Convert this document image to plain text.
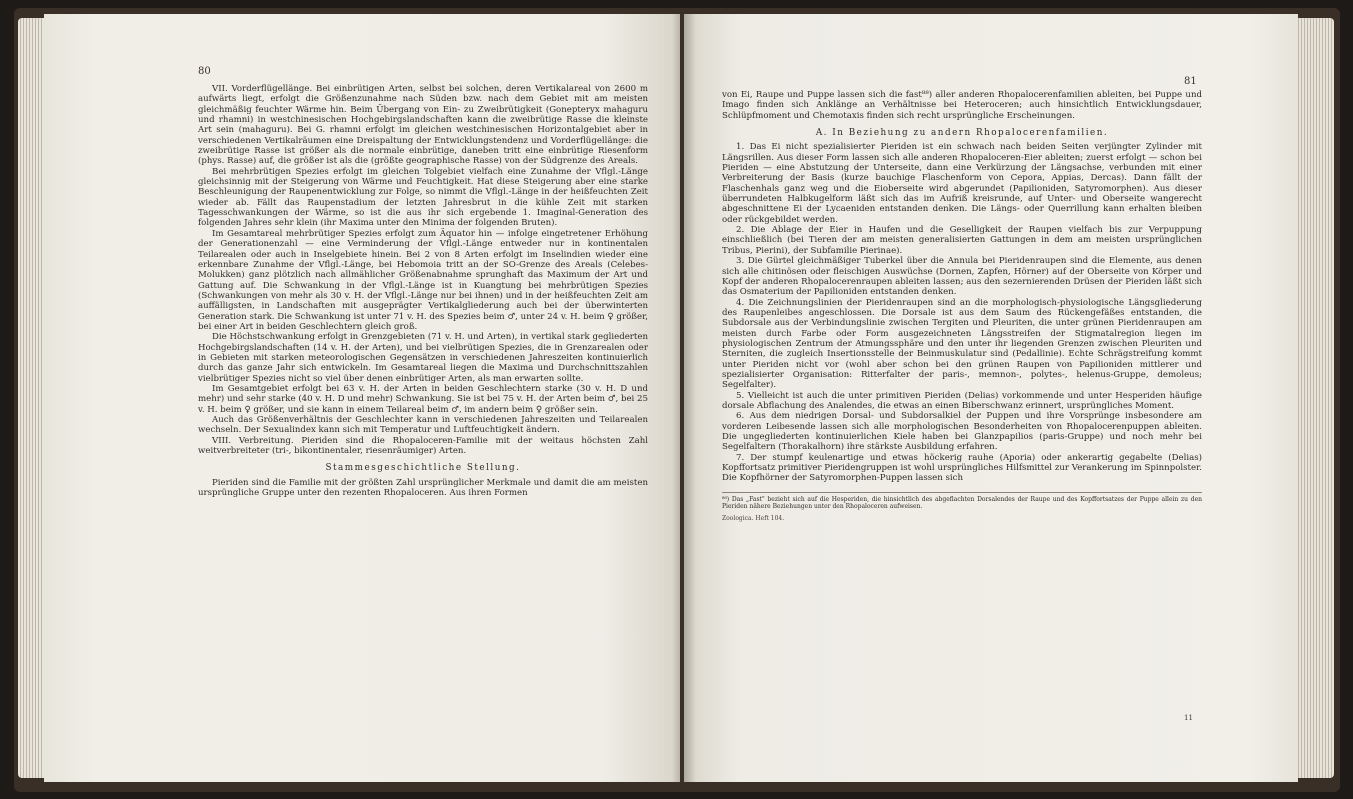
80

VII. Vorderflügellänge. Bei einbrütigen Arten, selbst bei solchen, deren Vertikalareal von 2600 m aufwärts liegt, erfolgt die Größenzunahme nach Süden bzw. nach dem Gebiet mit am meisten gleichmäßig feuchter Wärme hin. Beim Übergang von Ein- zu Zweibrütigkeit (Gonepteryx mahaguru und rhamni) in westchinesischen Hochgebirgslandschaften kann die zweibrütige Rasse die kleinste Art sein (mahaguru). Bei G. rhamni erfolgt im gleichen westchinesischen Horizontalgebiet aber in verschiedenen Vertikalräumen eine Dreispaltung der Entwicklungstendenz und Vorderflügellänge: die zweibrütige Rasse ist größer als die normale einbrütige, daneben tritt eine einbrütige Riesenform (phys. Rasse) auf, die größer ist als die (größte geographische Rasse) von der Südgrenze des Areals.

Bei mehrbrütigen Spezies erfolgt im gleichen Tolgebiet vielfach eine Zunahme der Vflgl.-Länge gleichsinnig mit der Steigerung von Wärme und Feuchtigkeit. Hat diese Steigerung aber eine starke Beschleunigung der Raupenentwicklung zur Folge, so nimmt die Vflgl.-Länge in der heißfeuchten Zeit wieder ab. Fällt das Raupenstadium der letzten Jahresbrut in die kühle Zeit mit starken Tagesschwankungen der Wärme, so ist die aus ihr sich ergebende 1. Imaginal-Generation des folgenden Jahres sehr klein (ihr Maxima unter den Minima der folgenden Bruten).

Im Gesamtareal mehrbrütiger Spezies erfolgt zum Äquator hin — infolge eingetretener Erhöhung der Generationenzahl — eine Verminderung der Vflgl.-Länge entweder nur in kontinentalen Teilarealen oder auch in Inselgebiete hinein. Bei 2 von 8 Arten erfolgt im Inselindien wieder eine erkennbare Zunahme der Vflgl.-Länge, bei Hebomoia tritt an der SO-Grenze des Areals (Celebes-Molukken) ganz plötzlich nach allmählicher Größenabnahme sprunghaft das Maximum der Art und Gattung auf. Die Schwankung in der Vflgl.-Länge ist in Kuangtung bei mehrbrütigen Spezies (Schwankungen von mehr als 30 v. H. der Vflgl.-Länge nur bei ihnen) und in der heißfeuchten Zeit am auffälligsten, in Landschaften mit ausgeprägter Vertikalgliederung auch bei der überwinterten Generation stark. Die Schwankung ist unter 71 v. H. des Spezies beim ♂, unter 24 v. H. beim ♀ größer, bei einer Art in beiden Geschlechtern gleich groß.

Die Höchstschwankung erfolgt in Grenzgebieten (71 v. H. und Arten), in vertikal stark gegliederten Hochgebirgslandschaften (14 v. H. der Arten), und bei vielbrütigen Spezies, die in Grenzarealen oder in Gebieten mit starken meteorologischen Gegensätzen in verschiedenen Jahreszeiten kontinuierlich durch das ganze Jahr sich entwickeln. Im Gesamtareal liegen die Maxima und Durchschnittszahlen vielbrütiger Spezies nicht so viel über denen einbrütiger Arten, als man erwarten sollte.

Im Gesamtgebiet erfolgt bei 63 v. H. der Arten in beiden Geschlechtern starke (30 v. H. D und mehr) und sehr starke (40 v. H. D und mehr) Schwankung. Sie ist bei 75 v. H. der Arten beim ♂, bei 25 v. H. beim ♀ größer, und sie kann in einem Teilareal beim ♂, im andern beim ♀ größer sein.

Auch das Größenverhältnis der Geschlechter kann in verschiedenen Jahreszeiten und Teilarealen wechseln. Der Sexualindex kann sich mit Temperatur und Luftfeuchtigkeit ändern.

VIII. Verbreitung. Pieriden sind die Rhopaloceren-Familie mit der weitaus höchsten Zahl weitverbreiteter (tri-, bikontinentaler, riesenräumiger) Arten.

Stammesgeschichtliche Stellung.

Pieriden sind die Familie mit der größten Zahl ursprünglicher Merkmale und damit die am meisten ursprüngliche Gruppe unter den rezenten Rhopaloceren. Aus ihren Formen

81

von Ei, Raupe und Puppe lassen sich die fast⁸⁸) aller anderen Rhopalocerenfamilien ableiten, bei Puppe und Imago finden sich Anklänge an Verhältnisse bei Heteroceren; auch hinsichtlich Entwicklungsdauer, Schlüpfmoment und Chemotaxis finden sich recht ursprüngliche Erscheinungen.

A. In Beziehung zu andern Rhopalocerenfamilien.

1. Das Ei nicht spezialisierter Pieriden ist ein schwach nach beiden Seiten verjüngter Zylinder mit Längsrillen. Aus dieser Form lassen sich alle anderen Rhopaloceren-Eier ableiten; zuerst erfolgt — schon bei Pieriden — eine Abstutzung der Unterseite, dann eine Verkürzung der Längsachse, verbunden mit einer Verbreiterung der Basis (kurze bauchige Flaschenform von Cepora, Appias, Dercas). Dann fällt der Flaschenhals ganz weg und die Eioberseite wird abgerundet (Papilioniden, Satyromorphen). Aus dieser überrundeten Halbkugelform läßt sich das im Aufriß kreisrunde, auf Unter- und Oberseite wangerecht abgeschnittene Ei der Lycaeniden entstanden denken. Die Längs- oder Querrillung kann erhalten bleiben oder rückgebildet werden.

2. Die Ablage der Eier in Haufen und die Geselligkeit der Raupen vielfach bis zur Verpuppung einschließlich (bei Tieren der am meisten generalisierten Gattungen in dem am meisten ursprünglichen Tribus, Pierini), der Subfamilie Pierinae).

3. Die Gürtel gleichmäßiger Tuberkel über die Annula bei Pieridenraupen sind die Elemente, aus denen sich alle chitinösen oder fleischigen Auswüchse (Dornen, Zapfen, Hörner) auf der Oberseite von Körper und Kopf der anderen Rhopalocerenraupen ableiten lassen; aus den sezernierenden Drüsen der Pieriden läßt sich das Osmaterium der Papilioniden entstanden denken.

4. Die Zeichnungslinien der Pieridenraupen sind an die morphologisch-physiologische Längsgliederung des Raupenleibes angeschlossen. Die Dorsale ist aus dem Saum des Rückengefäßes entstanden, die Subdorsale aus der Verbindungslinie zwischen Tergiten und Pleuriten, die unter grünen Pieridenraupen am meisten durch Farbe oder Form ausgezeichneten Längsstreifen der Stigmatalregion liegen im physiologischen Zentrum der Atmungssphäre und den unter ihr liegenden Grenzen zwischen Pleuriten und Sterniten, die zugleich Insertionsstelle der Beinmuskulatur sind (Pedallinie). Echte Schrägstreifung kommt unter Pieriden nicht vor (wohl aber schon bei den grünen Raupen von Papilioniden mittlerer und spezialisierter Organisation: Ritterfalter der paris-, memnon-, polytes-, helenus-Gruppe, demoleus; Segelfalter).

5. Vielleicht ist auch die unter primitiven Pieriden (Delias) vorkommende und unter Hesperiden häufige dorsale Abflachung des Analendes, die etwas an einen Biberschwanz erinnert, ursprüngliches Moment.

6. Aus dem niedrigen Dorsal- und Subdorsalkiel der Puppen und ihre Vorsprünge insbesondere am vorderen Leibesende lassen sich alle morphologischen Besonderheiten von Rhopalocerenpuppen ableiten. Die ungegliederten kontinuierlichen Kiele haben bei Glanzpapilios (paris-Gruppe) und noch mehr bei Segelfaltern (Thorakalhorn) ihre stärkste Ausbildung erfahren.

7. Der stumpf keulenartige und etwas höckerig rauhe (Aporia) oder ankerartig gegabelte (Delias) Kopffortsatz primitiver Pieridengruppen ist wohl ursprüngliches Hilfsmittel zur Verankerung im Spinnpolster. Die Kopfhörner der Satyromorphen-Puppen lassen sich

⁸⁸) Das „Fast" bezieht sich auf die Hesperiden, die hinsichtlich des abgeflachten Dorsalendes der Raupe und des Kopffortsatzes der Puppe allein zu den Pieriden nähere Beziehungen unter den Rhopaloceren aufweisen.
Zoologica. Heft 104.
11
